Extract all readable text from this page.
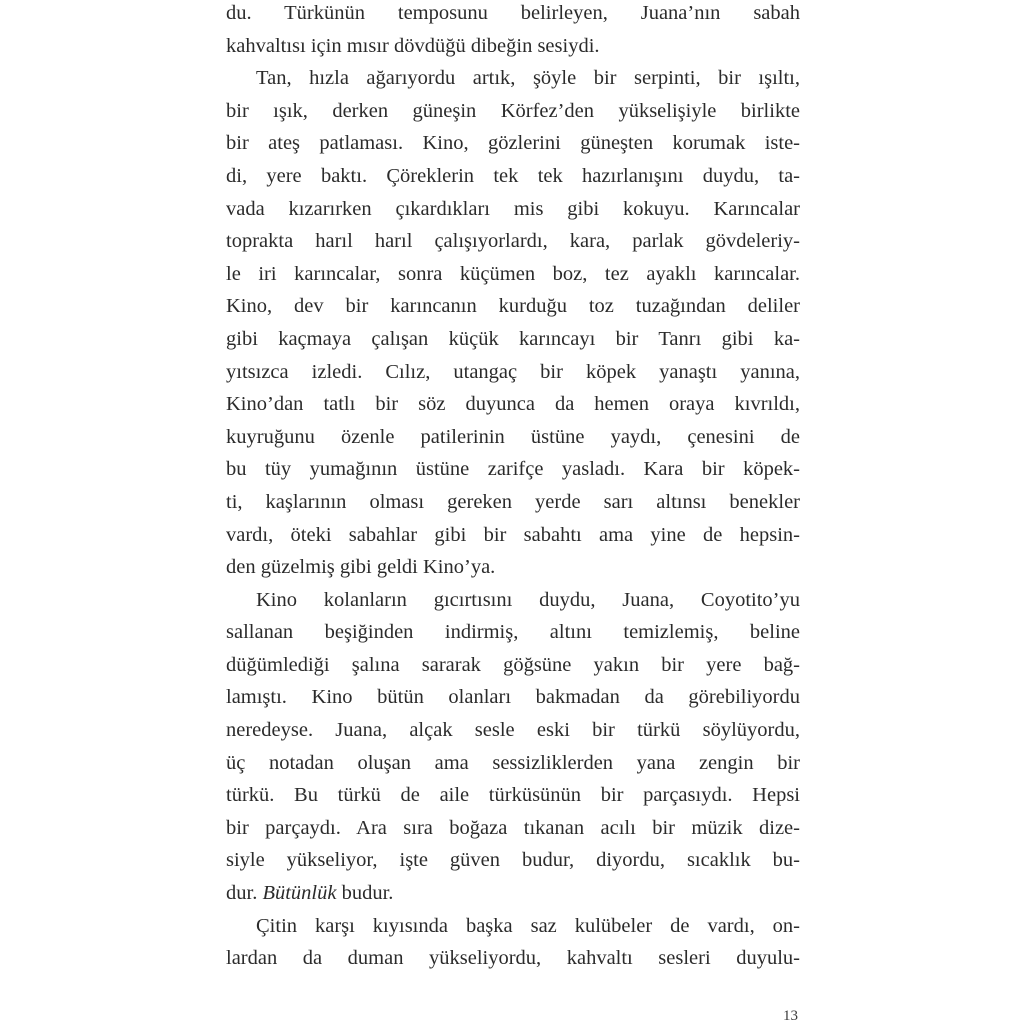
du. Türkünün temposunu belirleyen, Juana’nın sabah
kahvaltısı için mısır dövdüğü dibeğin sesiydi.
Tan, hızla ağarıyordu artık, şöyle bir serpinti, bir ışıltı,
bir ışık, derken güneşin Körfez’den yükselişiyle birlikte
bir ateş patlaması. Kino, gözlerini güneşten korumak iste-
di, yere baktı. Çöreklerin tek tek hazırlanışını duydu, ta-
vada kızarırken çıkardıkları mis gibi kokuyu. Karıncalar
toprakta harıl harıl çalışıyorlardı, kara, parlak gövdeleriy-
le iri karıncalar, sonra küçümen boz, tez ayaklı karıncalar.
Kino, dev bir karıncanın kurduğu toz tuzağından deliler
gibi kaçmaya çalışan küçük karıncayı bir Tanrı gibi ka-
yıtsızca izledi. Cılız, utangaç bir köpek yanaştı yanına,
Kino’dan tatlı bir söz duyunca da hemen oraya kıvrıldı,
kuyruğunu özenle patilerinin üstüne yaydı, çenesini de
bu tüy yumağının üstüne zarifçe yasladı. Kara bir köpek-
ti, kaşlarının olması gereken yerde sarı altınsı benekler
vardı, öteki sabahlar gibi bir sabahtı ama yine de hepsin-
den güzelmiş gibi geldi Kino’ya.
Kino kolanların gıcırtısını duydu, Juana, Coyotito’yu
sallanan beşiğinden indirmiş, altını temizlemiş, beline
düğümlediği şalına sararak göğsüne yakın bir yere bağ-
lamıştı. Kino bütün olanları bakmadan da görebiliyordu
neredeyse. Juana, alçak sesle eski bir türkü söylüyordu,
üç notadan oluşan ama sessizliklerden yana zengin bir
türkü. Bu türkü de aile türküsünün bir parçasıydı. Hepsi
bir parçaydı. Ara sıra boğaza tıkanan acılı bir müzik dize-
siyle yükseliyor, işte güven budur, diyordu, sıcaklık bu-
dur. Bütünlük budur.
Çitin karşı kıyısında başka saz kulübeler de vardı, on-
lardan da duman yükseliyordu, kahvaltı sesleri duyulu-
13
